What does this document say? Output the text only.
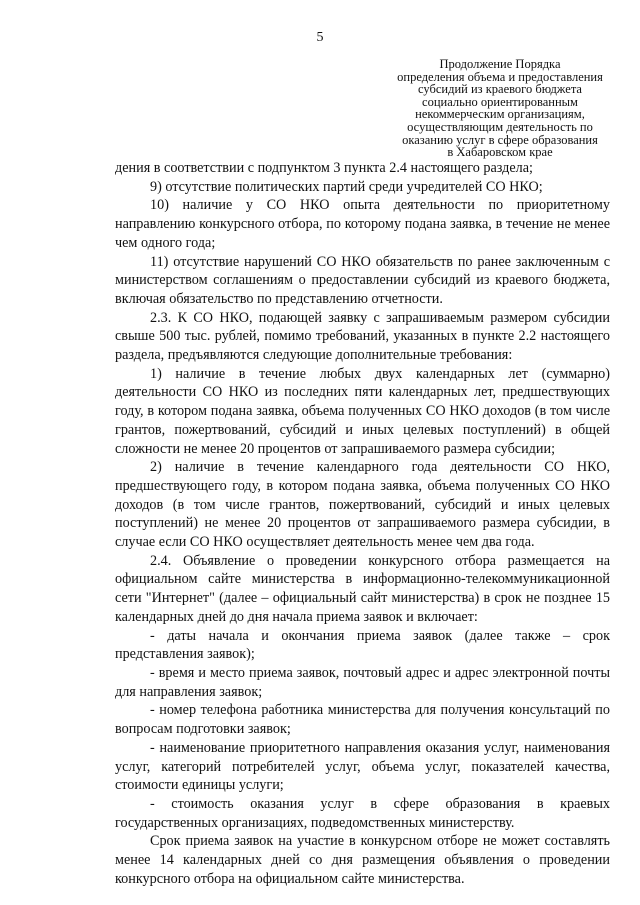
5
Продолжение Порядка
определения объема и предоставления
субсидий из краевого бюджета
социально ориентированным
некоммерческим организациям,
осуществляющим деятельность по
оказанию услуг в сфере образования
в Хабаровском крае

дения в соответствии с подпунктом 3 пункта 2.4 настоящего раздела;

9) отсутствие политических партий среди учредителей СО НКО;

10) наличие у СО НКО опыта деятельности по приоритетному направлению конкурсного отбора, по которому подана заявка, в течение не менее чем одного года;

11) отсутствие нарушений СО НКО обязательств по ранее заключенным с министерством соглашениям о предоставлении субсидий из краевого бюджета, включая обязательство по представлению отчетности.

2.3. К СО НКО, подающей заявку с запрашиваемым размером субсидии свыше 500 тыс. рублей, помимо требований, указанных в пункте 2.2 настоящего раздела, предъявляются следующие дополнительные требования:

1) наличие в течение любых двух календарных лет (суммарно) деятельности СО НКО из последних пяти календарных лет, предшествующих году, в котором подана заявка, объема полученных СО НКО доходов (в том числе грантов, пожертвований, субсидий и иных целевых поступлений) в общей сложности не менее 20 процентов от запрашиваемого размера субсидии;

2) наличие в течение календарного года деятельности СО НКО, предшествующего году, в котором подана заявка, объема полученных СО НКО доходов (в том числе грантов, пожертвований, субсидий и иных целевых поступлений) не менее 20 процентов от запрашиваемого размера субсидии, в случае если СО НКО осуществляет деятельность менее чем два года.

2.4. Объявление о проведении конкурсного отбора размещается на официальном сайте министерства в информационно-телекоммуникационной сети "Интернет" (далее – официальный сайт министерства) в срок не позднее 15 календарных дней до дня начала приема заявок и включает:

- даты начала и окончания приема заявок (далее также – срок представления заявок);

- время и место приема заявок, почтовый адрес и адрес электронной почты для направления заявок;

- номер телефона работника министерства для получения консультаций по вопросам подготовки заявок;

- наименование приоритетного направления оказания услуг, наименования услуг, категорий потребителей услуг, объема услуг, показателей качества, стоимости единицы услуги;

- стоимость оказания услуг в сфере образования в краевых государственных организациях, подведомственных министерству.

Срок приема заявок на участие в конкурсном отборе не может составлять менее 14 календарных дней со дня размещения объявления о проведении конкурсного отбора на официальном сайте министерства.
